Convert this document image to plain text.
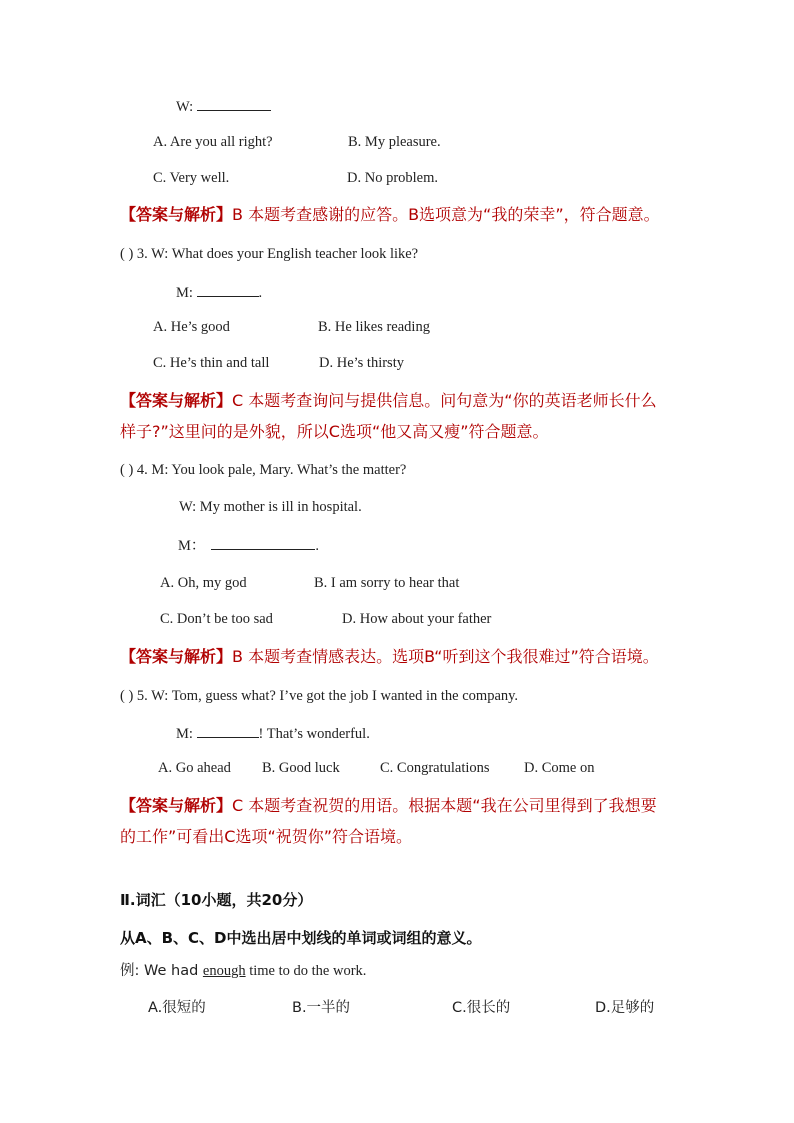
W:
A. Are you all right?	B. My pleasure.
C. Very well.	D. No problem.
【答案与解析】B 本题考查感谢的应答。B选项意为“我的荣幸”，符合题意。
( ) 3. W: What does your English teacher look like?
M:	.
A. He’s good	B. He likes reading
C. He’s thin and tall	D. He’s thirsty
【答案与解析】C 本题考查询问与提供信息。问句意为“你的英语老师长什么
样子?”这里问的是外貌，所以C选项“他又高又瘦”符合题意。
( ) 4. M: You look pale, Mary. What’s the matter?
W: My mother is ill in hospital.
M：	.
A. Oh, my god	B. I am sorry to hear that
C. Don’t be too sad	D. How about your father
【答案与解析】B 本题考查情感表达。选项B“听到这个我很难过”符合语境。
( ) 5. W: Tom, guess what? I’ve got the job I wanted in the company.
M:	! That’s wonderful.
A. Go ahead B. Good luck	C. Congratulations D. Come on
【答案与解析】C 本题考查祝贺的用语。根据本题“我在公司里得到了我想要
的工作”可看出C选项“祝贺你”符合语境。
Ⅱ.词汇（10小题，共20分）
从A、B、C、D中选出居中划线的单词或词组的意义。
例: We had enough time to do the work.
A.很短的	B.一半的	C.很长的	D.足够的
